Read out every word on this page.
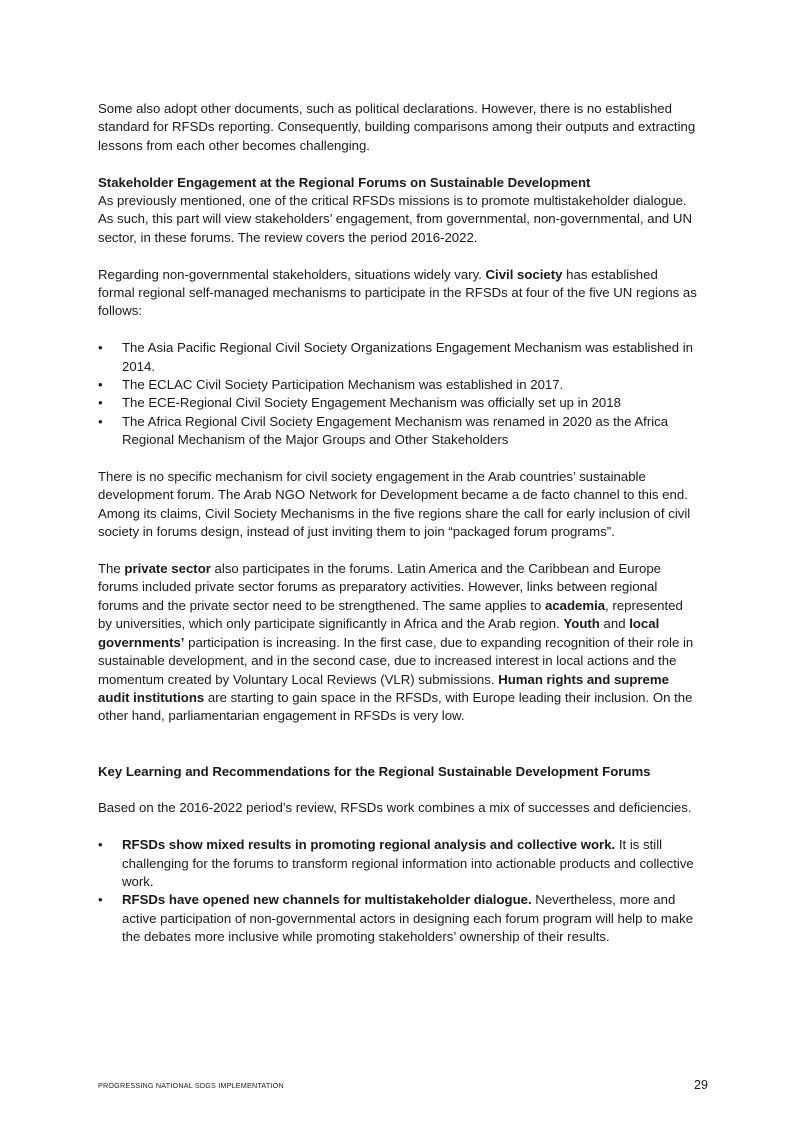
Some also adopt other documents, such as political declarations. However, there is no established standard for RFSDs reporting. Consequently, building comparisons among their outputs and extracting lessons from each other becomes challenging.

Stakeholder Engagement at the Regional Forums on Sustainable Development

As previously mentioned, one of the critical RFSDs missions is to promote multistakeholder dialogue. As such, this part will view stakeholders’ engagement, from governmental, non-governmental, and UN sector, in these forums. The review covers the period 2016-2022.

Regarding non-governmental stakeholders, situations widely vary. Civil society has established formal regional self-managed mechanisms to participate in the RFSDs at four of the five UN regions as follows:

• The Asia Pacific Regional Civil Society Organizations Engagement Mechanism was established in 2014.
• The ECLAC Civil Society Participation Mechanism was established in 2017.
• The ECE-Regional Civil Society Engagement Mechanism was officially set up in 2018
• The Africa Regional Civil Society Engagement Mechanism was renamed in 2020 as the Africa Regional Mechanism of the Major Groups and Other Stakeholders

There is no specific mechanism for civil society engagement in the Arab countries’ sustainable development forum. The Arab NGO Network for Development became a de facto channel to this end. Among its claims, Civil Society Mechanisms in the five regions share the call for early inclusion of civil society in forums design, instead of just inviting them to join “packaged forum programs”.

The private sector also participates in the forums. Latin America and the Caribbean and Europe forums included private sector forums as preparatory activities. However, links between regional forums and the private sector need to be strengthened. The same applies to academia, represented by universities, which only participate significantly in Africa and the Arab region. Youth and local governments’ participation is increasing. In the first case, due to expanding recognition of their role in sustainable development, and in the second case, due to increased interest in local actions and the momentum created by Voluntary Local Reviews (VLR) submissions. Human rights and supreme audit institutions are starting to gain space in the RFSDs, with Europe leading their inclusion. On the other hand, parliamentarian engagement in RFSDs is very low.

Key Learning and Recommendations for the Regional Sustainable Development Forums

Based on the 2016-2022 period’s review, RFSDs work combines a mix of successes and deficiencies.

• RFSDs show mixed results in promoting regional analysis and collective work. It is still challenging for the forums to transform regional information into actionable products and collective work.
• RFSDs have opened new channels for multistakeholder dialogue. Nevertheless, more and active participation of non-governmental actors in designing each forum program will help to make the debates more inclusive while promoting stakeholders’ ownership of their results.
PROGRESSING NATIONAL SDGS IMPLEMENTATION	29
